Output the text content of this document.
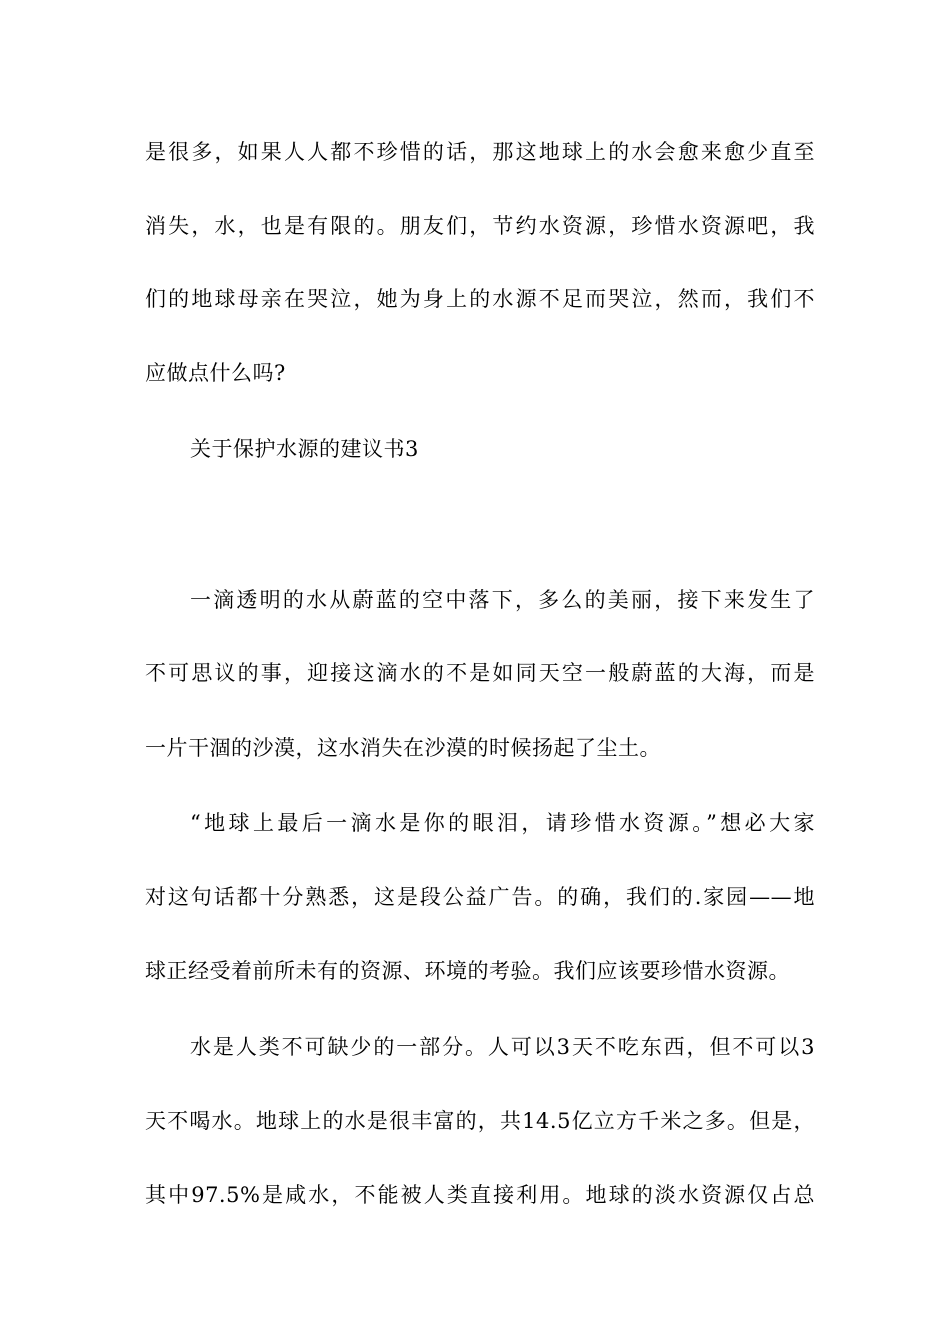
是很多，如果人人都不珍惜的话，那这地球上的水会愈来愈少直至
消失，水，也是有限的。朋友们，节约水资源，珍惜水资源吧，我
们的地球母亲在哭泣，她为身上的水源不足而哭泣，然而，我们不
应做点什么吗?
关于保护水源的建议书3
一滴透明的水从蔚蓝的空中落下，多么的美丽，接下来发生了
不可思议的事，迎接这滴水的不是如同天空一般蔚蓝的大海，而是
一片干涸的沙漠，这水消失在沙漠的时候扬起了尘土。
“地球上最后一滴水是你的眼泪，请珍惜水资源。”想必大家
对这句话都十分熟悉，这是段公益广告。的确，我们的.家园——地
球正经受着前所未有的资源、环境的考验。我们应该要珍惜水资源。
水是人类不可缺少的一部分。人可以3天不吃东西，但不可以3
天不喝水。地球上的水是很丰富的，共14.5亿立方千米之多。但是，
其中97.5%是咸水，不能被人类直接利用。地球的淡水资源仅占总
